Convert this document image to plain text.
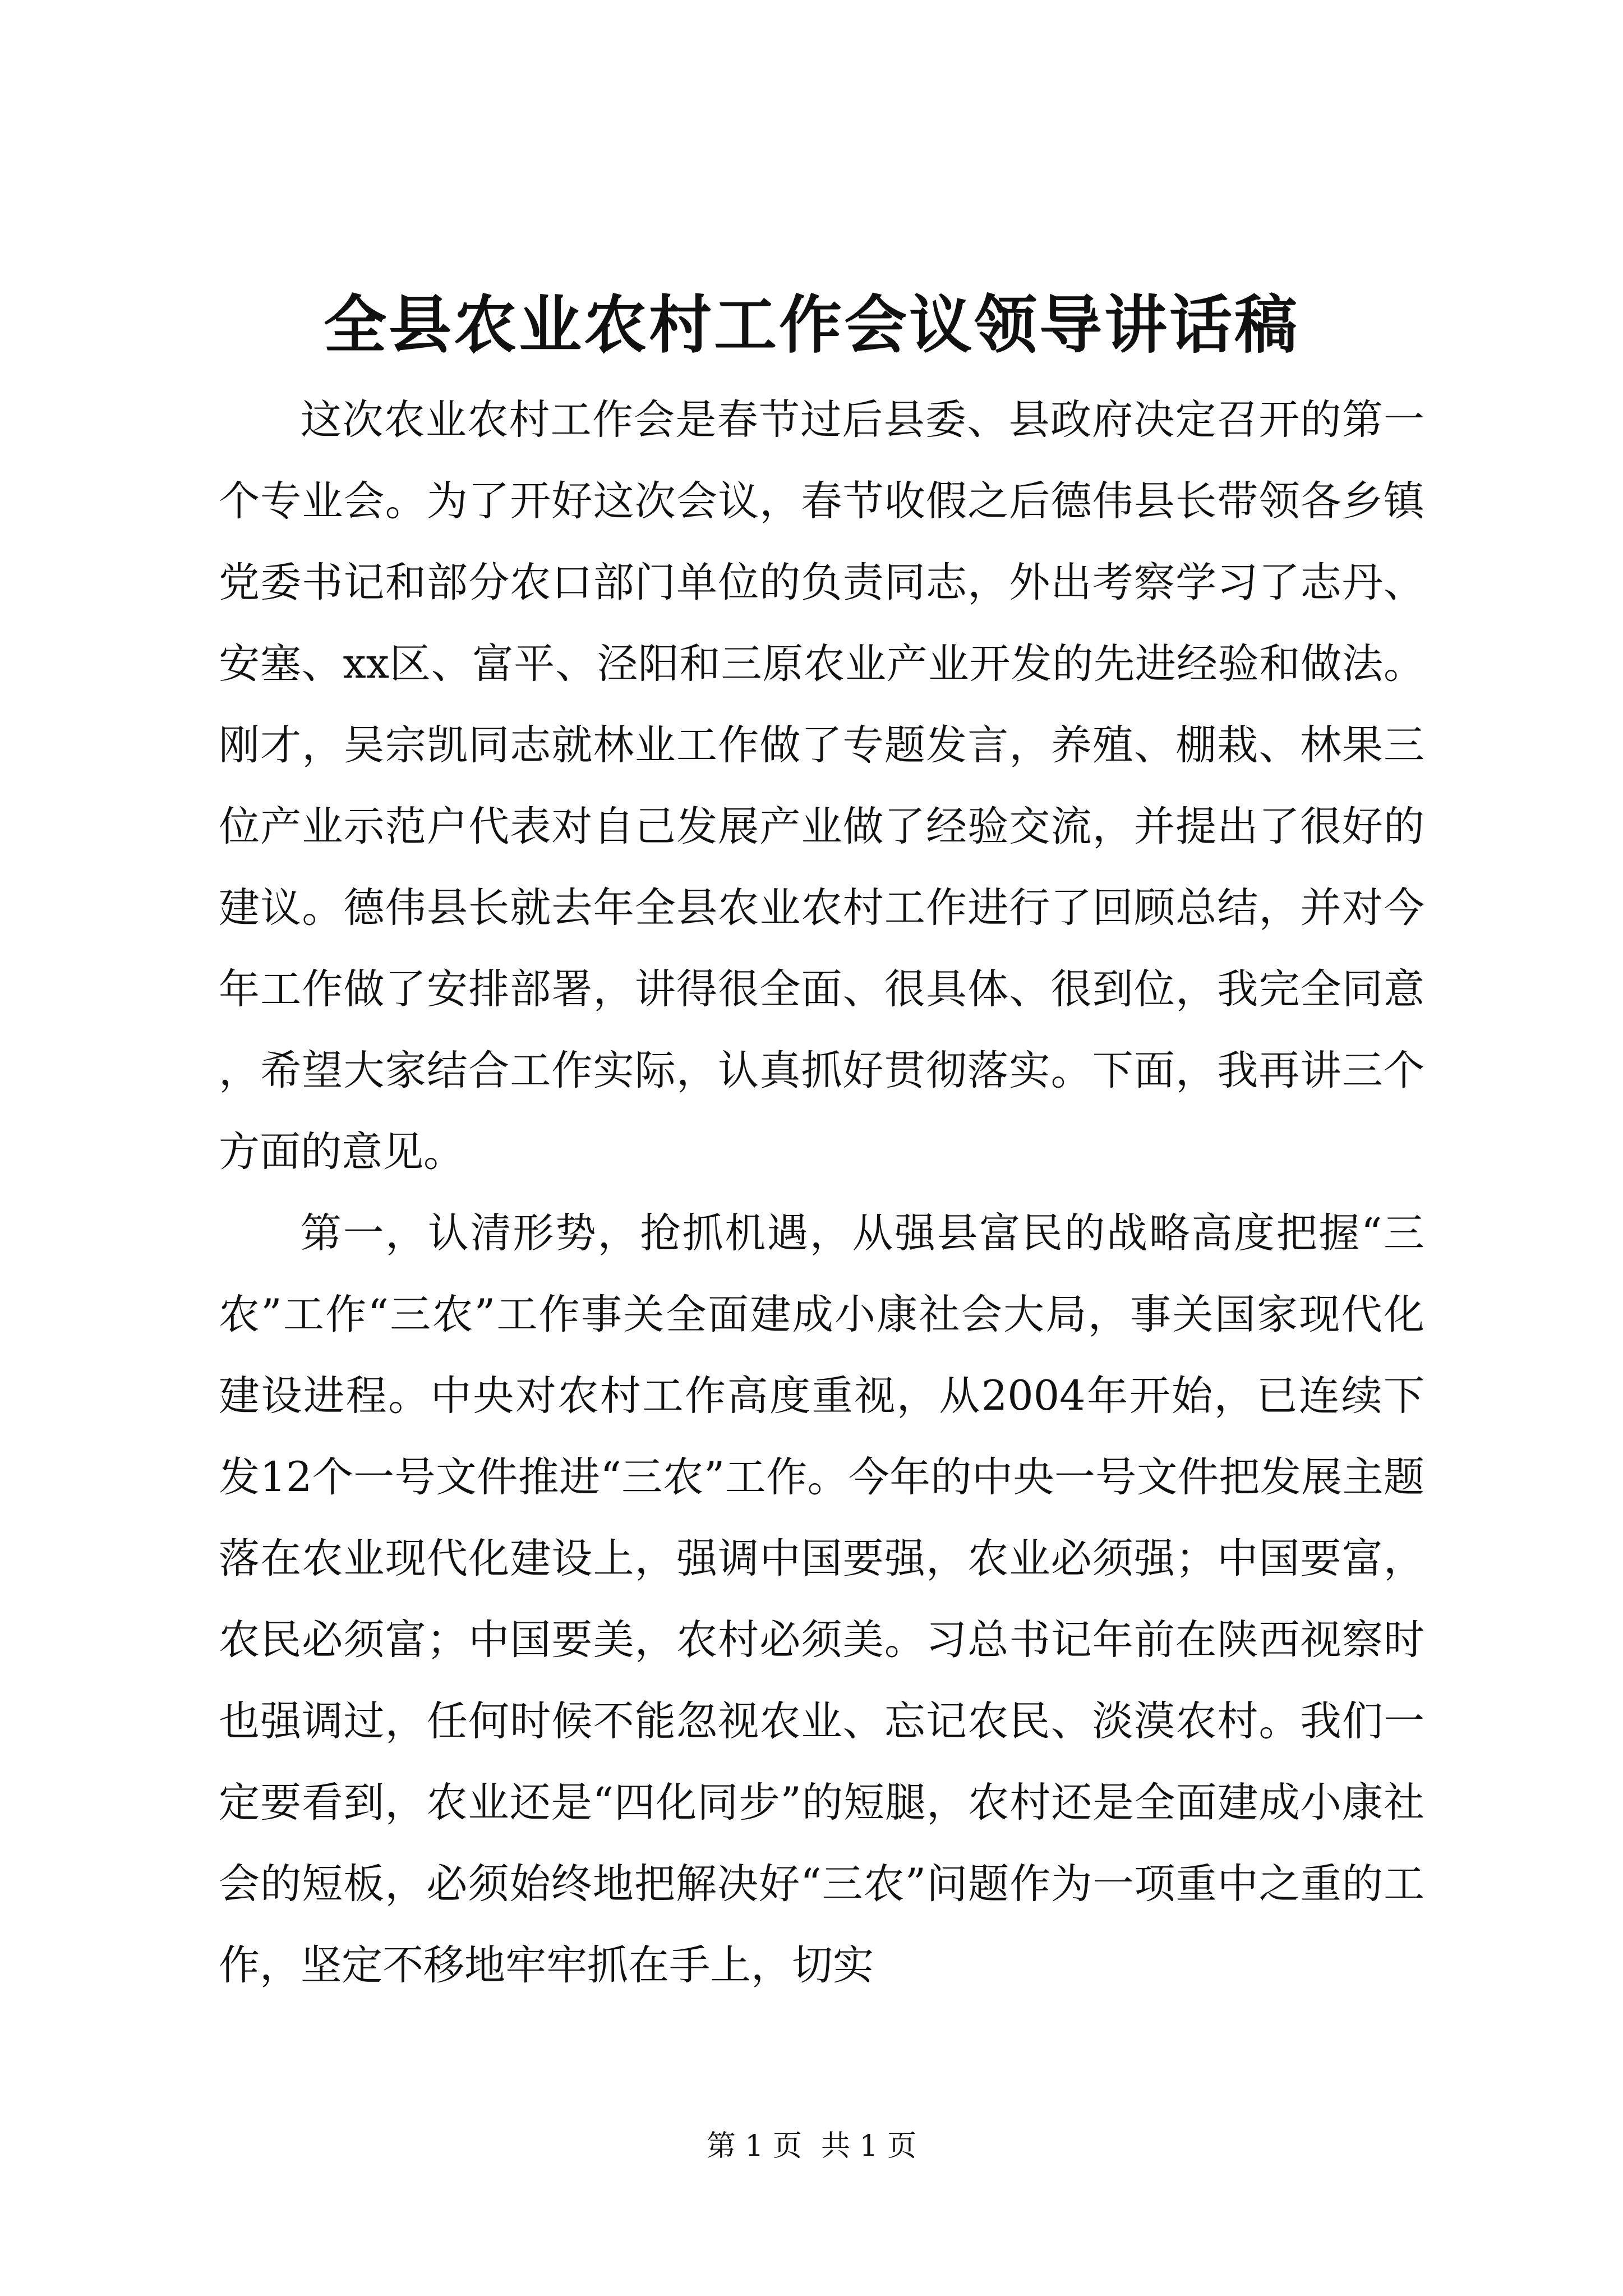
全县农业农村工作会议领导讲话稿

这次农业农村工作会是春节过后县委、县政府决定召开的第一个专业会。为了开好这次会议，春节收假之后德伟县长带领各乡镇党委书记和部分农口部门单位的负责同志，外出考察学习了志丹、安塞、xx区、富平、泾阳和三原农业产业开发的先进经验和做法。刚才，吴宗凯同志就林业工作做了专题发言，养殖、棚栽、林果三位产业示范户代表对自己发展产业做了经验交流，并提出了很好的建议。德伟县长就去年全县农业农村工作进行了回顾总结，并对今年工作做了安排部署，讲得很全面、很具体、很到位，我完全同意，希望大家结合工作实际，认真抓好贯彻落实。下面，我再讲三个方面的意见。

第一，认清形势，抢抓机遇，从强县富民的战略高度把握“三农”工作“三农”工作事关全面建成小康社会大局，事关国家现代化建设进程。中央对农村工作高度重视，从2004年开始，已连续下发12个一号文件推进“三农”工作。今年的中央一号文件把发展主题落在农业现代化建设上，强调中国要强，农业必须强；中国要富，农民必须富；中国要美，农村必须美。习总书记年前在陕西视察时也强调过，任何时候不能忽视农业、忘记农民、淡漠农村。我们一定要看到，农业还是“四化同步”的短腿，农村还是全面建成小康社会的短板，必须始终地把解决好“三农”问题作为一项重中之重的工作，坚定不移地牢牢抓在手上，切实

第 1 页 共 1 页
